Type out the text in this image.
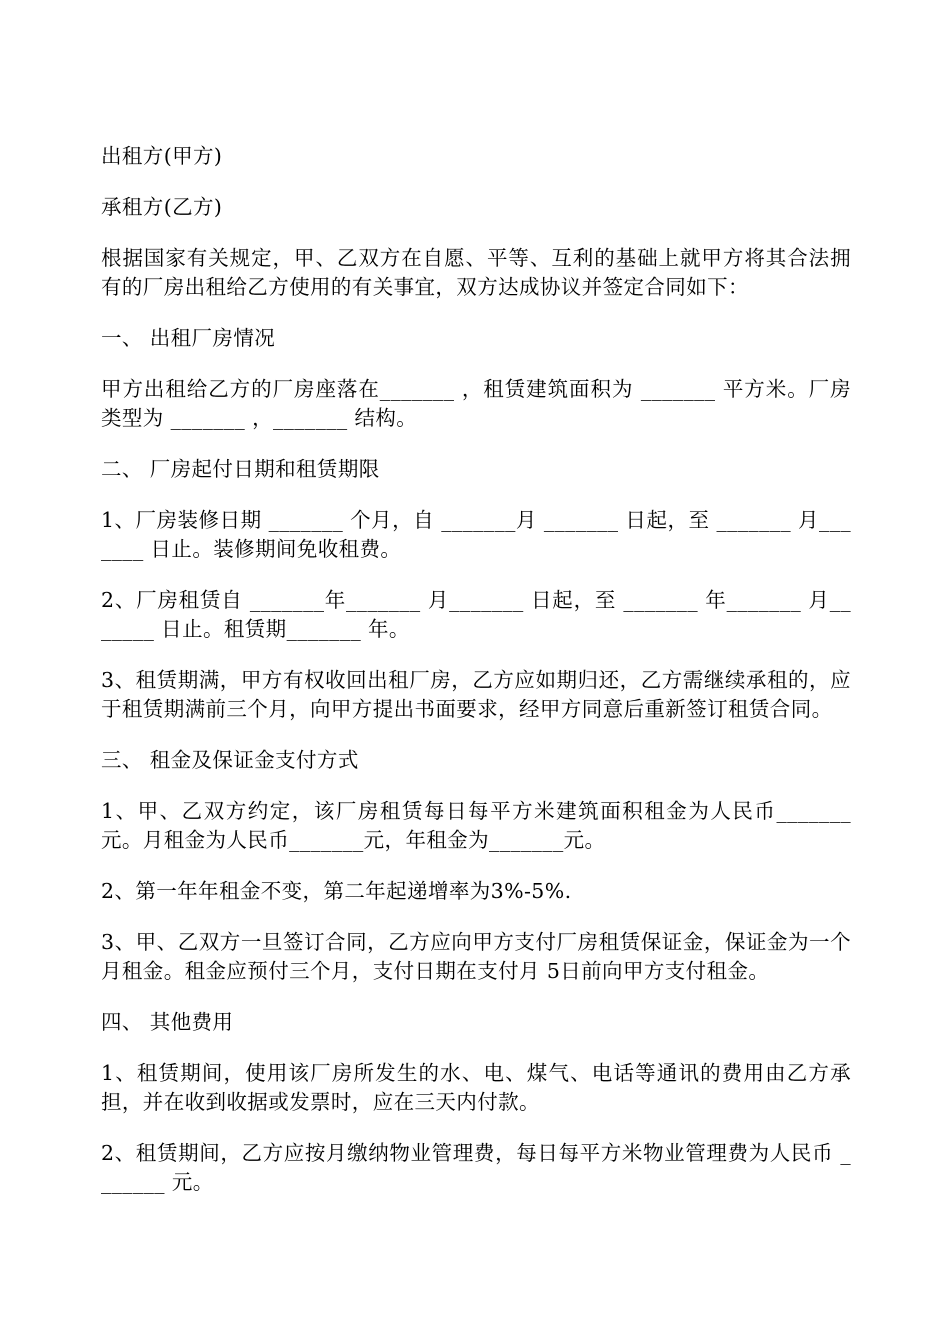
出租方(甲方)

承租方(乙方)

根据国家有关规定，甲、乙双方在自愿、平等、互利的基础上就甲方将其合法拥有的厂房出租给乙方使用的有关事宜，双方达成协议并签定合同如下：

一、 出租厂房情况

甲方出租给乙方的厂房座落在_______ ，租赁建筑面积为 _______ 平方米。厂房类型为 _______ ，_______ 结构。

二、 厂房起付日期和租赁期限

1、厂房装修日期 _______ 个月，自 _______月 _______ 日起，至 _______ 月_______ 日止。装修期间免收租费。

2、厂房租赁自 _______年_______ 月_______ 日起，至 _______ 年_______ 月_______ 日止。租赁期_______ 年。

3、租赁期满，甲方有权收回出租厂房，乙方应如期归还，乙方需继续承租的，应于租赁期满前三个月，向甲方提出书面要求，经甲方同意后重新签订租赁合同。

三、 租金及保证金支付方式

1、甲、乙双方约定，该厂房租赁每日每平方米建筑面积租金为人民币_______元。月租金为人民币_______元，年租金为_______元。

2、第一年年租金不变，第二年起递增率为3%-5%.

3、甲、乙双方一旦签订合同，乙方应向甲方支付厂房租赁保证金，保证金为一个月租金。租金应预付三个月，支付日期在支付月 5日前向甲方支付租金。

四、 其他费用

1、租赁期间，使用该厂房所发生的水、电、煤气、电话等通讯的费用由乙方承担，并在收到收据或发票时，应在三天内付款。

2、租赁期间，乙方应按月缴纳物业管理费，每日每平方米物业管理费为人民币 _______ 元。
